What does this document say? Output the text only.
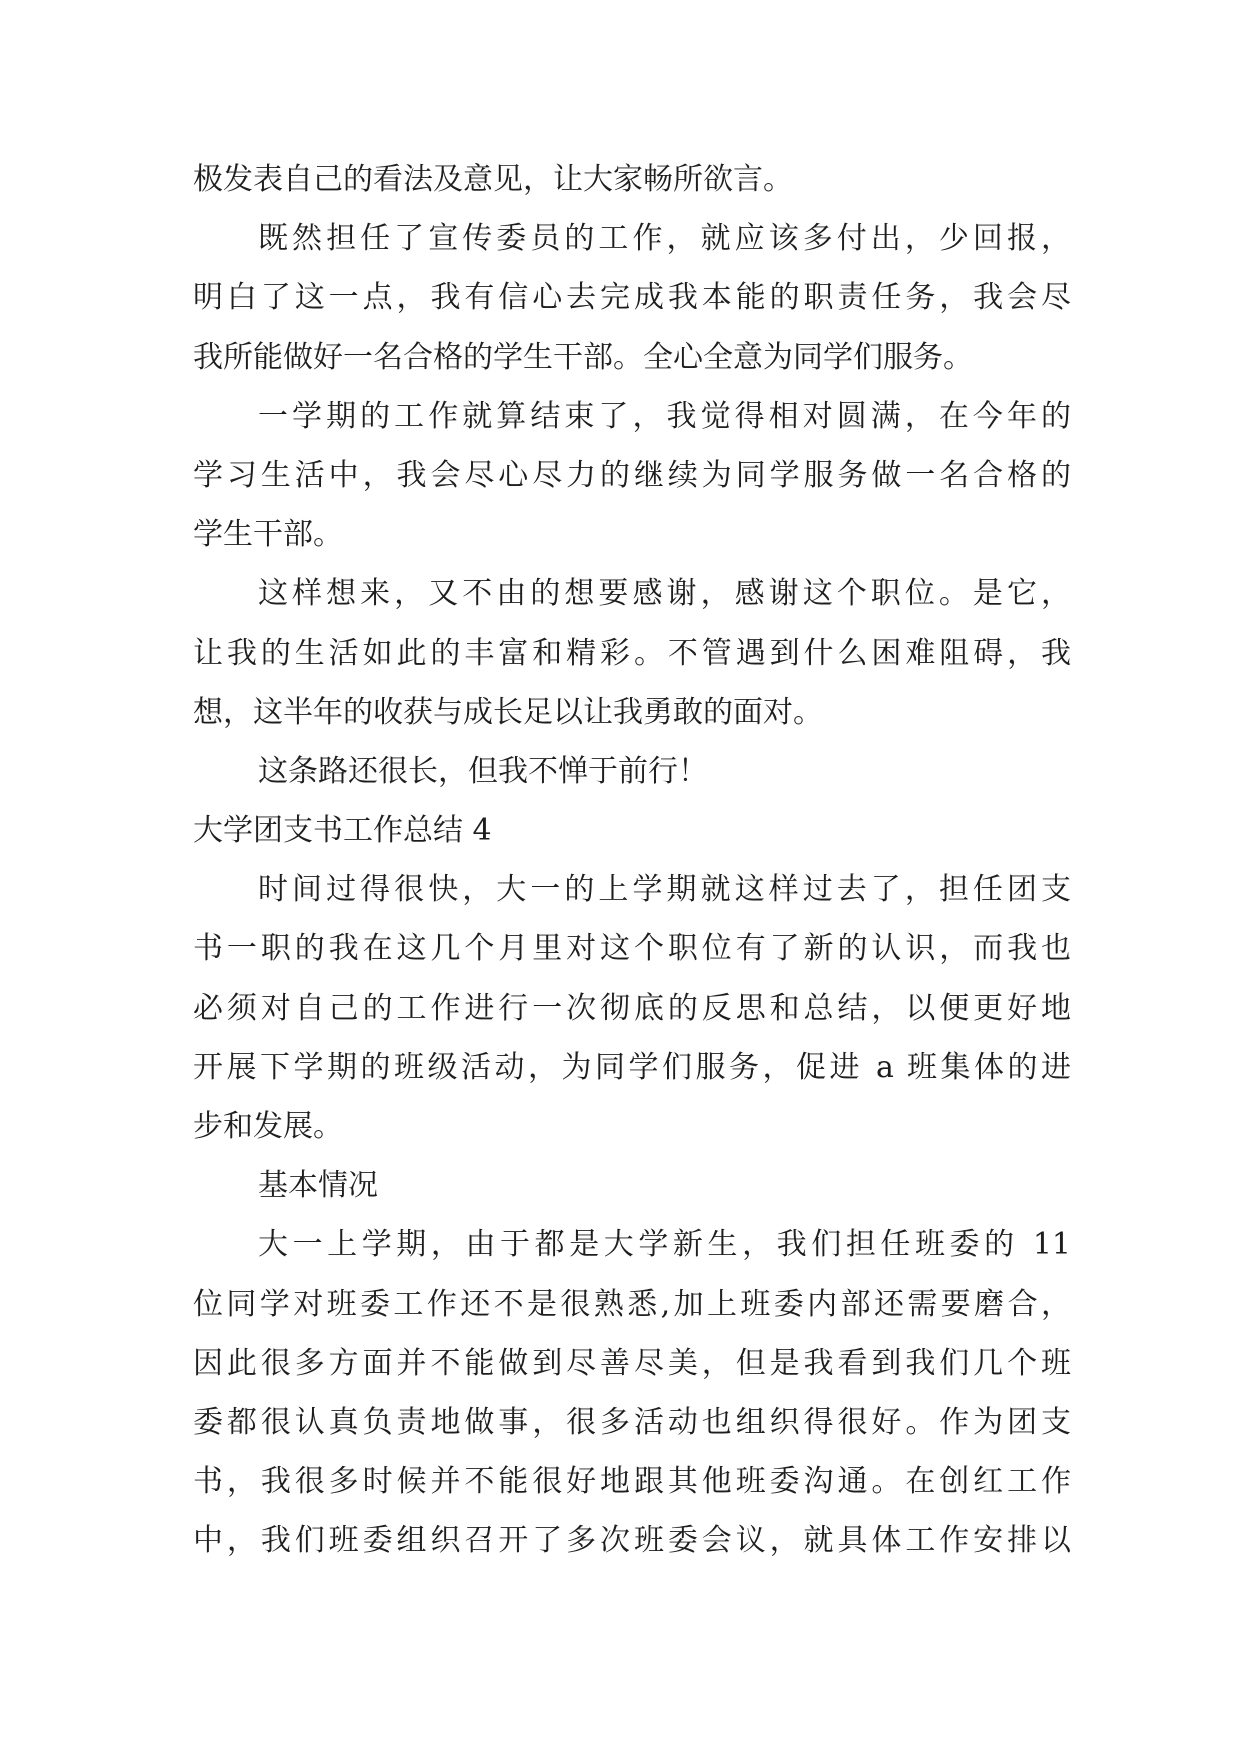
极发表自己的看法及意见，让大家畅所欲言。
既然担任了宣传委员的工作，就应该多付出，少回报，
明白了这一点，我有信心去完成我本能的职责任务，我会尽
我所能做好一名合格的学生干部。全心全意为同学们服务。
一学期的工作就算结束了，我觉得相对圆满，在今年的
学习生活中，我会尽心尽力的继续为同学服务做一名合格的
学生干部。
这样想来，又不由的想要感谢，感谢这个职位。是它，
让我的生活如此的丰富和精彩。不管遇到什么困难阻碍，我
想，这半年的收获与成长足以让我勇敢的面对。
这条路还很长，但我不惮于前行！
大学团支书工作总结 4
时间过得很快，大一的上学期就这样过去了，担任团支
书一职的我在这几个月里对这个职位有了新的认识，而我也
必须对自己的工作进行一次彻底的反思和总结，以便更好地
开展下学期的班级活动，为同学们服务，促进 a 班集体的进
步和发展。
基本情况
大一上学期，由于都是大学新生，我们担任班委的 11
位同学对班委工作还不是很熟悉,加上班委内部还需要磨合，
因此很多方面并不能做到尽善尽美，但是我看到我们几个班
委都很认真负责地做事，很多活动也组织得很好。作为团支
书，我很多时候并不能很好地跟其他班委沟通。在创红工作
中，我们班委组织召开了多次班委会议，就具体工作安排以
